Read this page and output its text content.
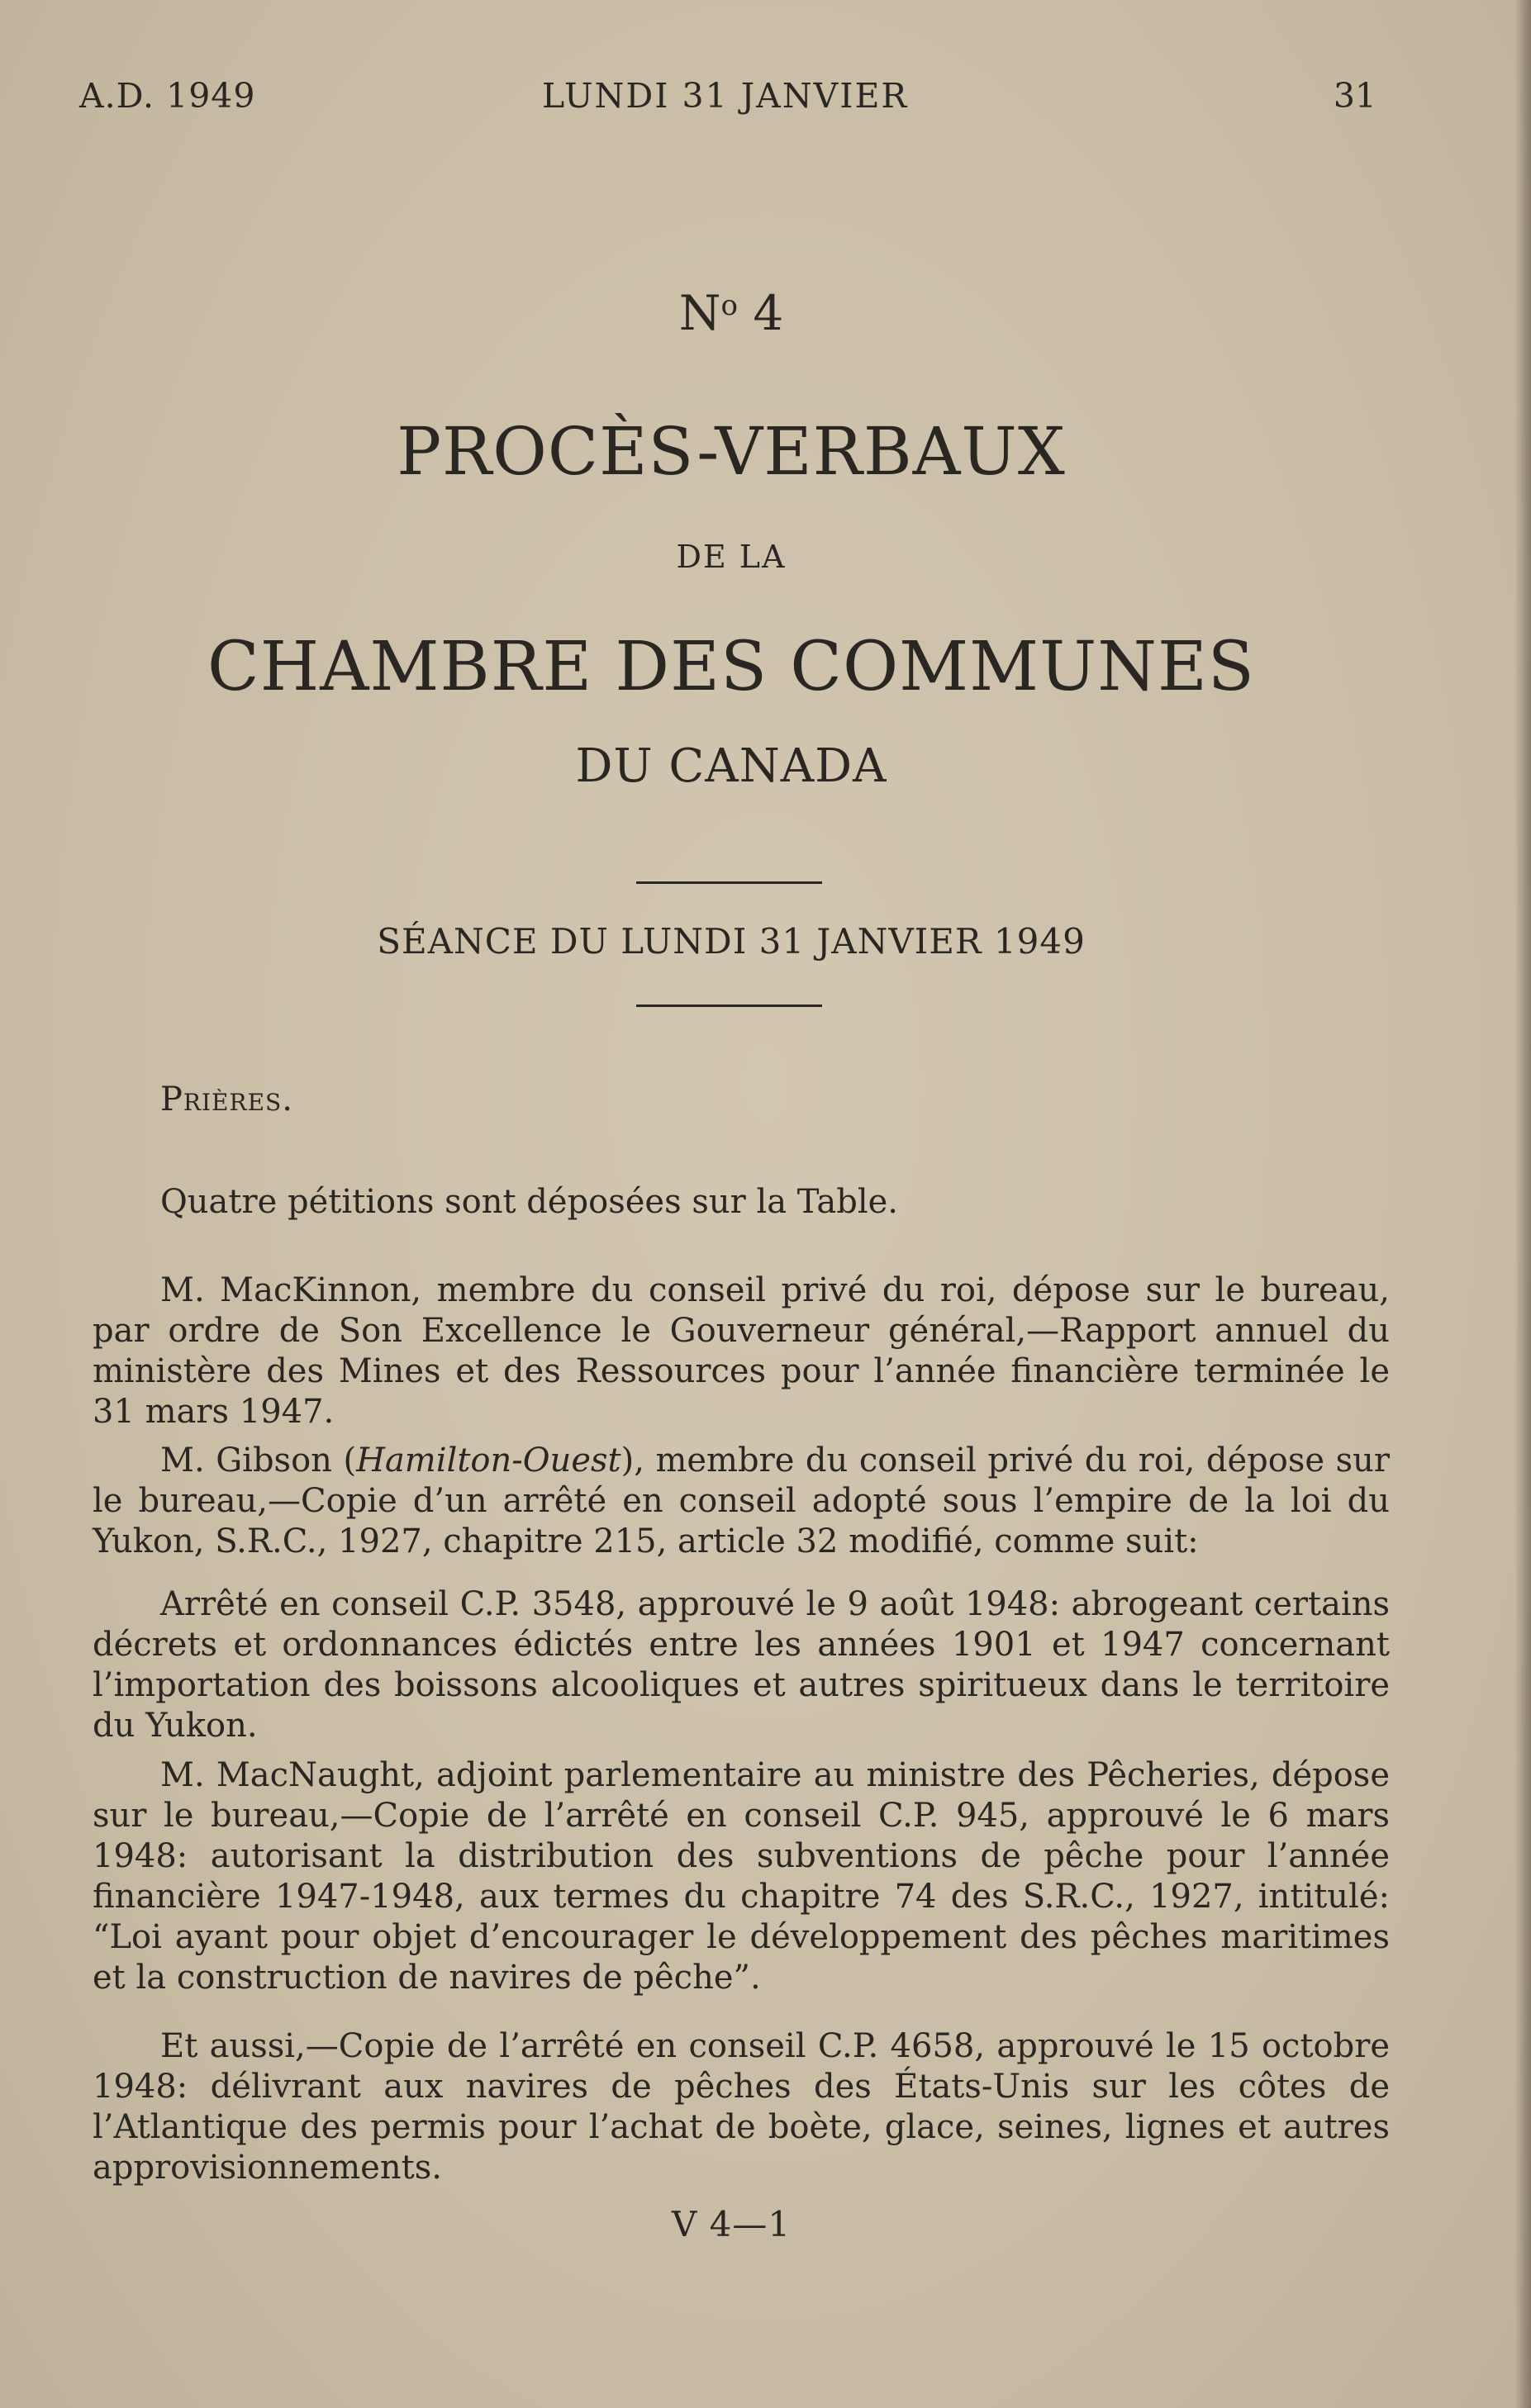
A.D. 1949	LUNDI 31 JANVIER	31
$N^o$ 4
PROCÈS-VERBAUX
DE LA
CHAMBRE DES COMMUNES
DU CANADA
SÉANCE DU LUNDI 31 JANVIER 1949

Prières.

Quatre pétitions sont déposées sur la Table.

M. MacKinnon, membre du conseil privé du roi, dépose sur le bureau, par ordre de Son Excellence le Gouverneur général,—Rapport annuel du ministère des Mines et des Ressources pour l’année financière terminée le 31 mars 1947.

M. Gibson (Hamilton-Ouest), membre du conseil privé du roi, dépose sur le bureau,—Copie d’un arrêté en conseil adopté sous l’empire de la loi du Yukon, S.R.C., 1927, chapitre 215, article 32 modifié, comme suit:

Arrêté en conseil C.P. 3548, approuvé le 9 août 1948: abrogeant certains décrets et ordonnances édictés entre les années 1901 et 1947 concernant l’importation des boissons alcooliques et autres spiritueux dans le territoire du Yukon.

M. MacNaught, adjoint parlementaire au ministre des Pêcheries, dépose sur le bureau,—Copie de l’arrêté en conseil C.P. 945, approuvé le 6 mars 1948: autorisant la distribution des subventions de pêche pour l’année financière 1947-1948, aux termes du chapitre 74 des S.R.C., 1927, intitulé: “Loi ayant pour objet d’encourager le développement des pêches maritimes et la construction de navires de pêche”.

Et aussi,—Copie de l’arrêté en conseil C.P. 4658, approuvé le 15 octobre 1948: délivrant aux navires de pêches des États-Unis sur les côtes de l’Atlantique des permis pour l’achat de boète, glace, seines, lignes et autres approvisionnements.

V 4—1
